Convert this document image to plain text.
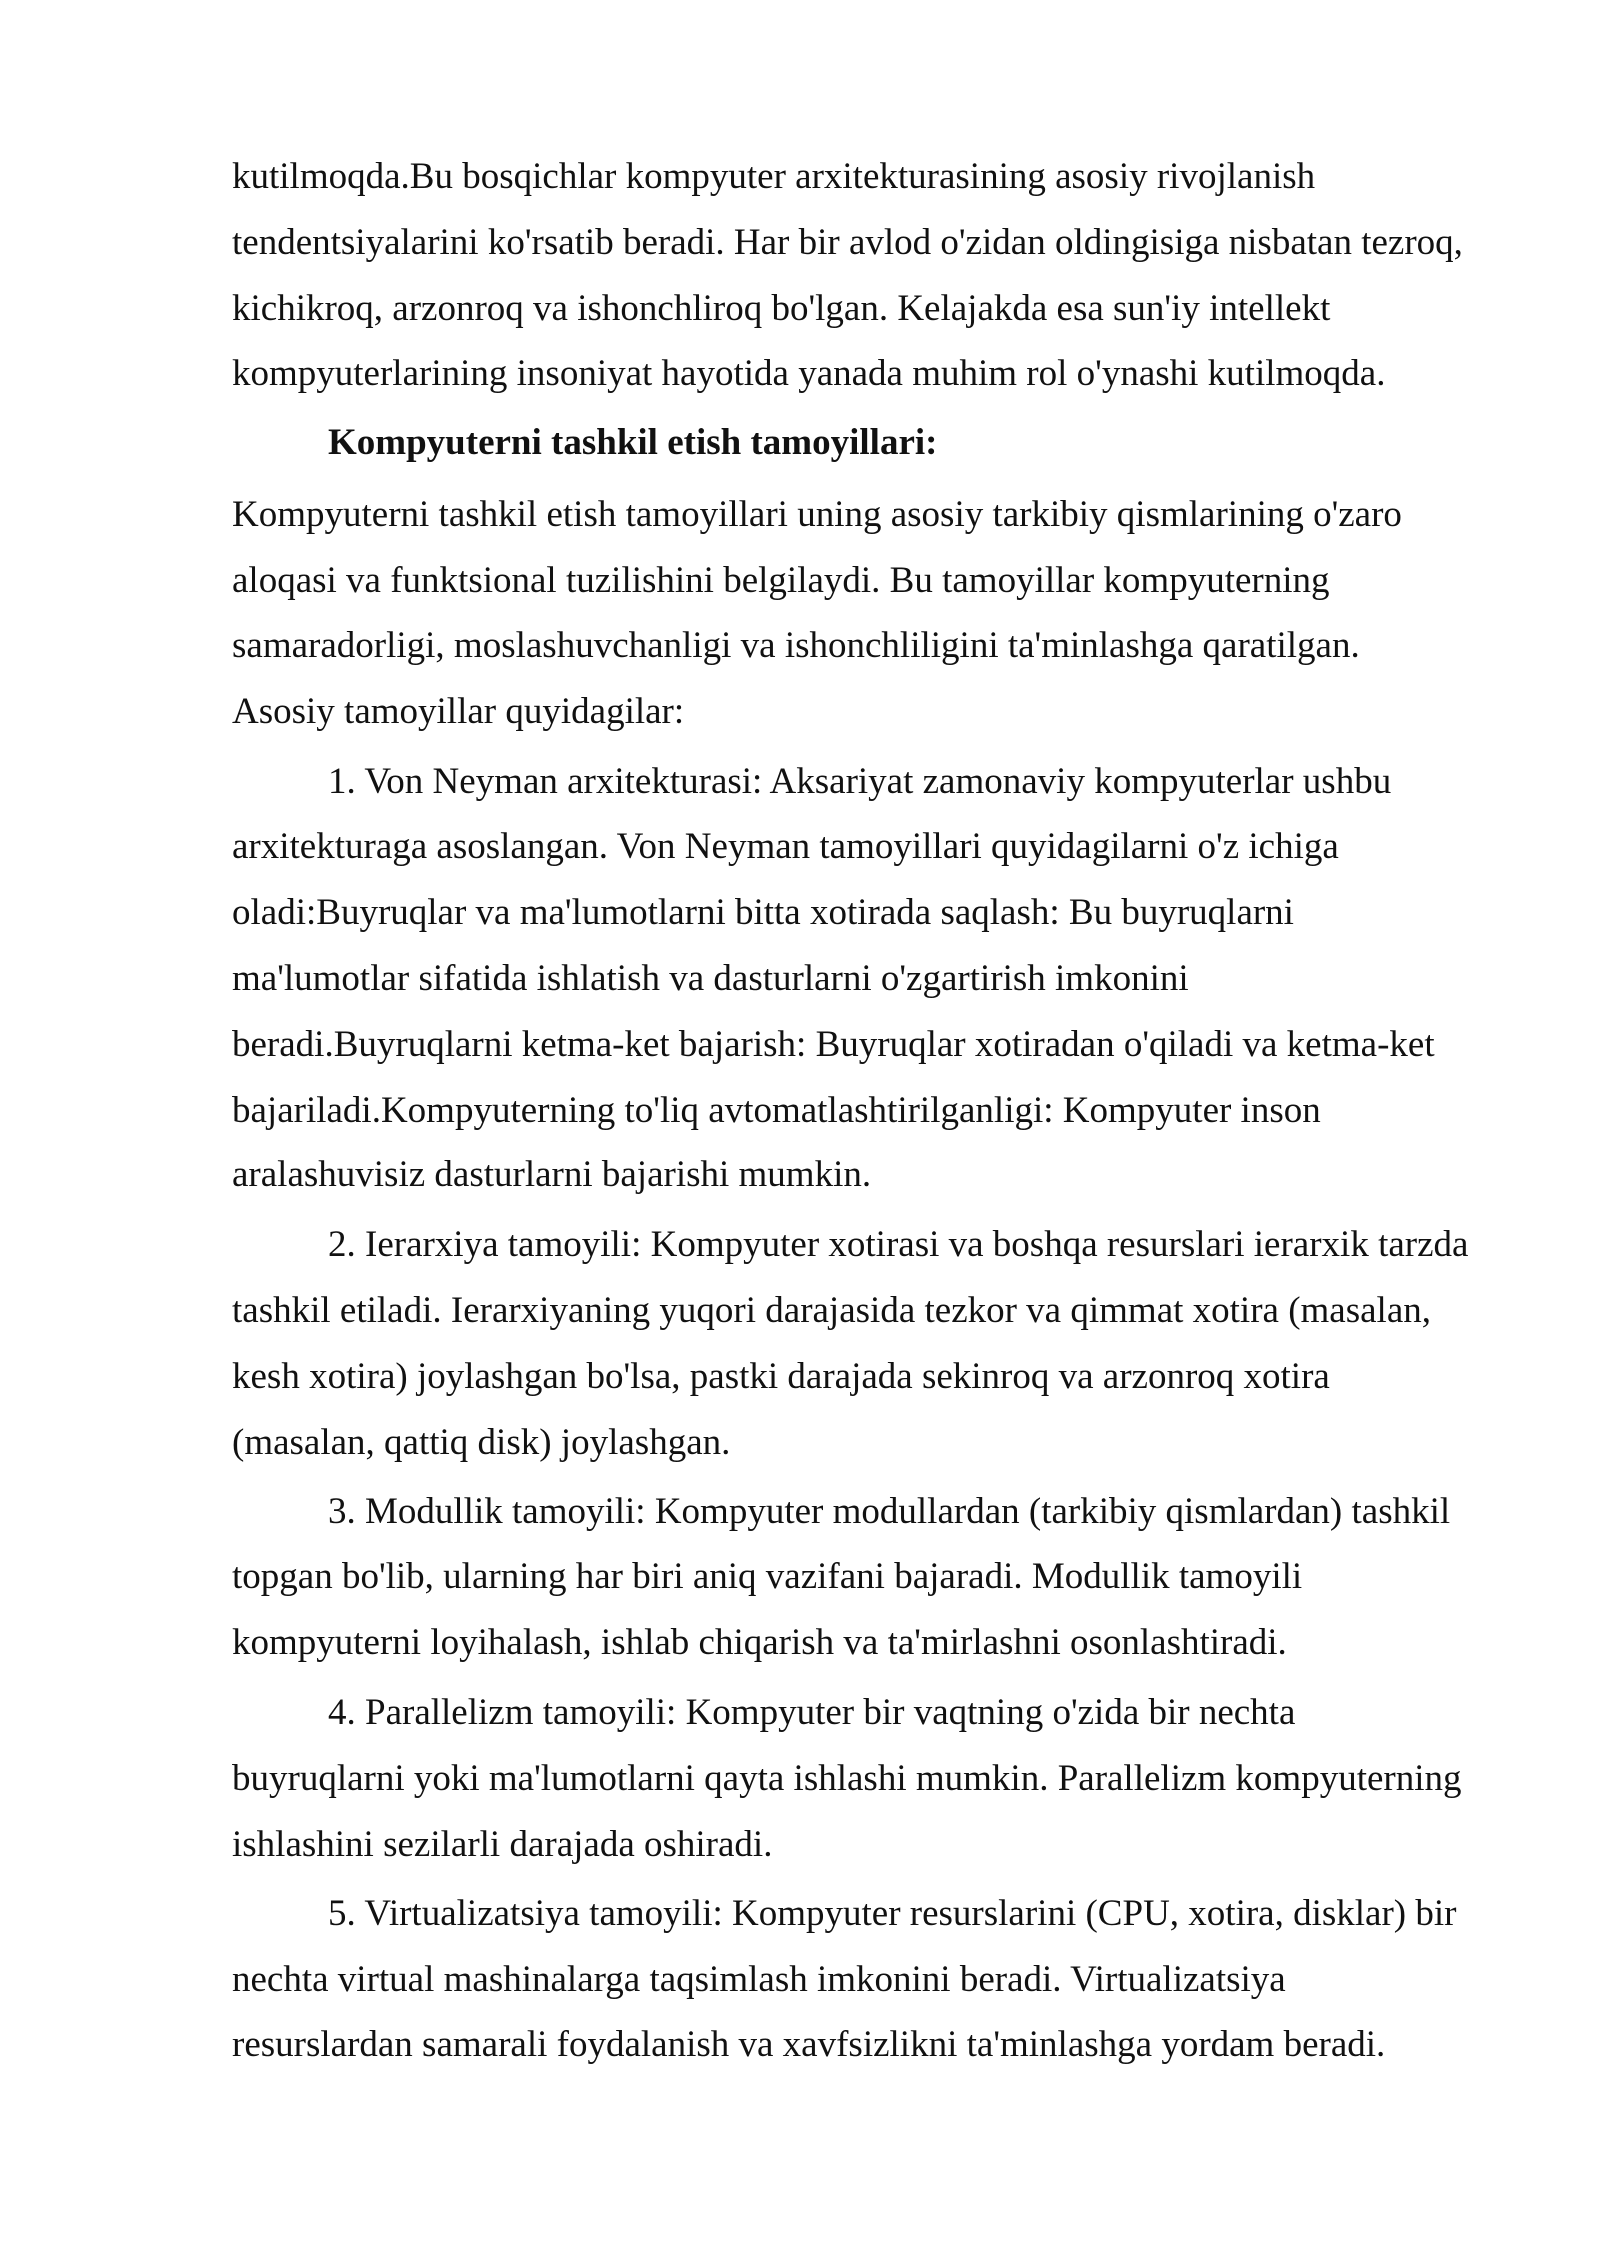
kutilmoqda.Bu bosqichlar kompyuter arxitekturasining asosiy rivojlanish

tendentsiyalarini ko'rsatib beradi. Har bir avlod o'zidan oldingisiga nisbatan tezroq,

kichikroq, arzonroq va ishonchliroq bo'lgan. Kelajakda esa sun'iy intellekt

kompyuterlarining insoniyat hayotida yanada muhim rol o'ynashi kutilmoqda.

Kompyuterni tashkil etish tamoyillari:

Kompyuterni tashkil etish tamoyillari uning asosiy tarkibiy qismlarining o'zaro

aloqasi va funktsional tuzilishini belgilaydi. Bu tamoyillar kompyuterning

samaradorligi, moslashuvchanligi va ishonchliligini ta'minlashga qaratilgan.

Asosiy tamoyillar quyidagilar:

1. Von Neyman arxitekturasi: Aksariyat zamonaviy kompyuterlar ushbu

arxitekturaga asoslangan. Von Neyman tamoyillari quyidagilarni o'z ichiga

oladi:Buyruqlar va ma'lumotlarni bitta xotirada saqlash: Bu buyruqlarni

ma'lumotlar sifatida ishlatish va dasturlarni o'zgartirish imkonini

beradi.Buyruqlarni ketma-ket bajarish: Buyruqlar xotiradan o'qiladi va ketma-ket

bajariladi.Kompyuterning to'liq avtomatlashtirilganligi: Kompyuter inson

aralashuvisiz dasturlarni bajarishi mumkin.

2. Ierarxiya tamoyili: Kompyuter xotirasi va boshqa resurslari ierarxik tarzda

tashkil etiladi. Ierarxiyaning yuqori darajasida tezkor va qimmat xotira (masalan,

kesh xotira) joylashgan bo'lsa, pastki darajada sekinroq va arzonroq xotira

(masalan, qattiq disk) joylashgan.

3. Modullik tamoyili: Kompyuter modullardan (tarkibiy qismlardan) tashkil

topgan bo'lib, ularning har biri aniq vazifani bajaradi. Modullik tamoyili

kompyuterni loyihalash, ishlab chiqarish va ta'mirlashni osonlashtiradi.

4. Parallelizm tamoyili: Kompyuter bir vaqtning o'zida bir nechta

buyruqlarni yoki ma'lumotlarni qayta ishlashi mumkin. Parallelizm kompyuterning

ishlashini sezilarli darajada oshiradi.

5. Virtualizatsiya tamoyili: Kompyuter resurslarini (CPU, xotira, disklar) bir

nechta virtual mashinalarga taqsimlash imkonini beradi. Virtualizatsiya

resurslardan samarali foydalanish va xavfsizlikni ta'minlashga yordam beradi.
